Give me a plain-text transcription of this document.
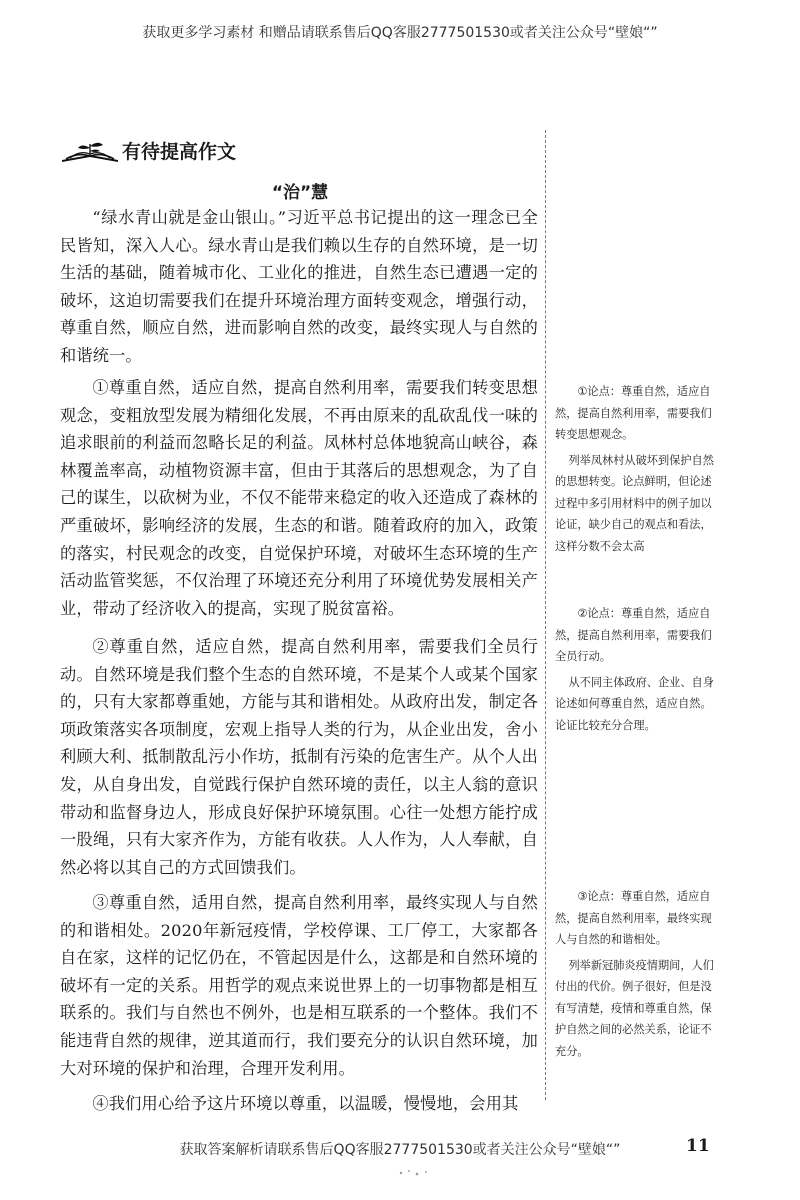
获取更多学习素材 和赠品请联系售后QQ客服2777501530或者关注公众号“壁娘“”
有待提高作文
“治”慧

“绿水青山就是金山银山。”习近平总书记提出的这一理念已全民皆知，深入人心。绿水青山是我们赖以生存的自然环境，是一切生活的基础，随着城市化、工业化的推进，自然生态已遭遇一定的破坏，这迫切需要我们在提升环境治理方面转变观念，增强行动，尊重自然，顺应自然，进而影响自然的改变，最终实现人与自然的和谐统一。

①尊重自然，适应自然，提高自然利用率，需要我们转变思想观念，变粗放型发展为精细化发展，不再由原来的乱砍乱伐一味的追求眼前的利益而忽略长足的利益。凤林村总体地貌高山峡谷，森林覆盖率高，动植物资源丰富，但由于其落后的思想观念，为了自己的谋生，以砍树为业，不仅不能带来稳定的收入还造成了森林的严重破坏，影响经济的发展，生态的和谐。随着政府的加入，政策的落实，村民观念的改变，自觉保护环境，对破坏生态环境的生产活动监管奖惩，不仅治理了环境还充分利用了环境优势发展相关产业，带动了经济收入的提高，实现了脱贫富裕。

②尊重自然，适应自然，提高自然利用率，需要我们全员行动。自然环境是我们整个生态的自然环境，不是某个人或某个国家的，只有大家都尊重她，方能与其和谐相处。从政府出发，制定各项政策落实各项制度，宏观上指导人类的行为，从企业出发，舍小利顾大利、抵制散乱污小作坊，抵制有污染的危害生产。从个人出发，从自身出发，自觉践行保护自然环境的责任，以主人翁的意识带动和监督身边人，形成良好保护环境氛围。心往一处想方能拧成一股绳，只有大家齐作为，方能有收获。人人作为，人人奉献，自然必将以其自己的方式回馈我们。

③尊重自然，适用自然，提高自然利用率，最终实现人与自然的和谐相处。2020年新冠疫情，学校停课、工厂停工，大家都各自在家，这样的记忆仍在，不管起因是什么，这都是和自然环境的破坏有一定的关系。用哲学的观点来说世界上的一切事物都是相互联系的。我们与自然也不例外，也是相互联系的一个整体。我们不能违背自然的规律，逆其道而行，我们要充分的认识自然环境，加大对环境的保护和治理，合理开发利用。

④我们用心给予这片环境以尊重，以温暖，慢慢地，会用其

①论点：尊重自然，适应自然，提高自然利用率，需要我们转变思想观念。

列举凤林村从破坏到保护自然的思想转变。论点鲜明，但论述过程中多引用材料中的例子加以论证，缺少自己的观点和看法，这样分数不会太高

②论点：尊重自然，适应自然，提高自然利用率，需要我们全员行动。

从不同主体政府、企业、自身论述如何尊重自然，适应自然。论证比较充分合理。

③论点：尊重自然，适应自然，提高自然利用率，最终实现人与自然的和谐相处。

列举新冠肺炎疫情期间，人们付出的代价。例子很好，但是没有写清楚，疫情和尊重自然，保护自然之间的必然关系，论证不充分。

获取答案解析请联系售后QQ客服2777501530或者关注公众号“壁娘“”	11
